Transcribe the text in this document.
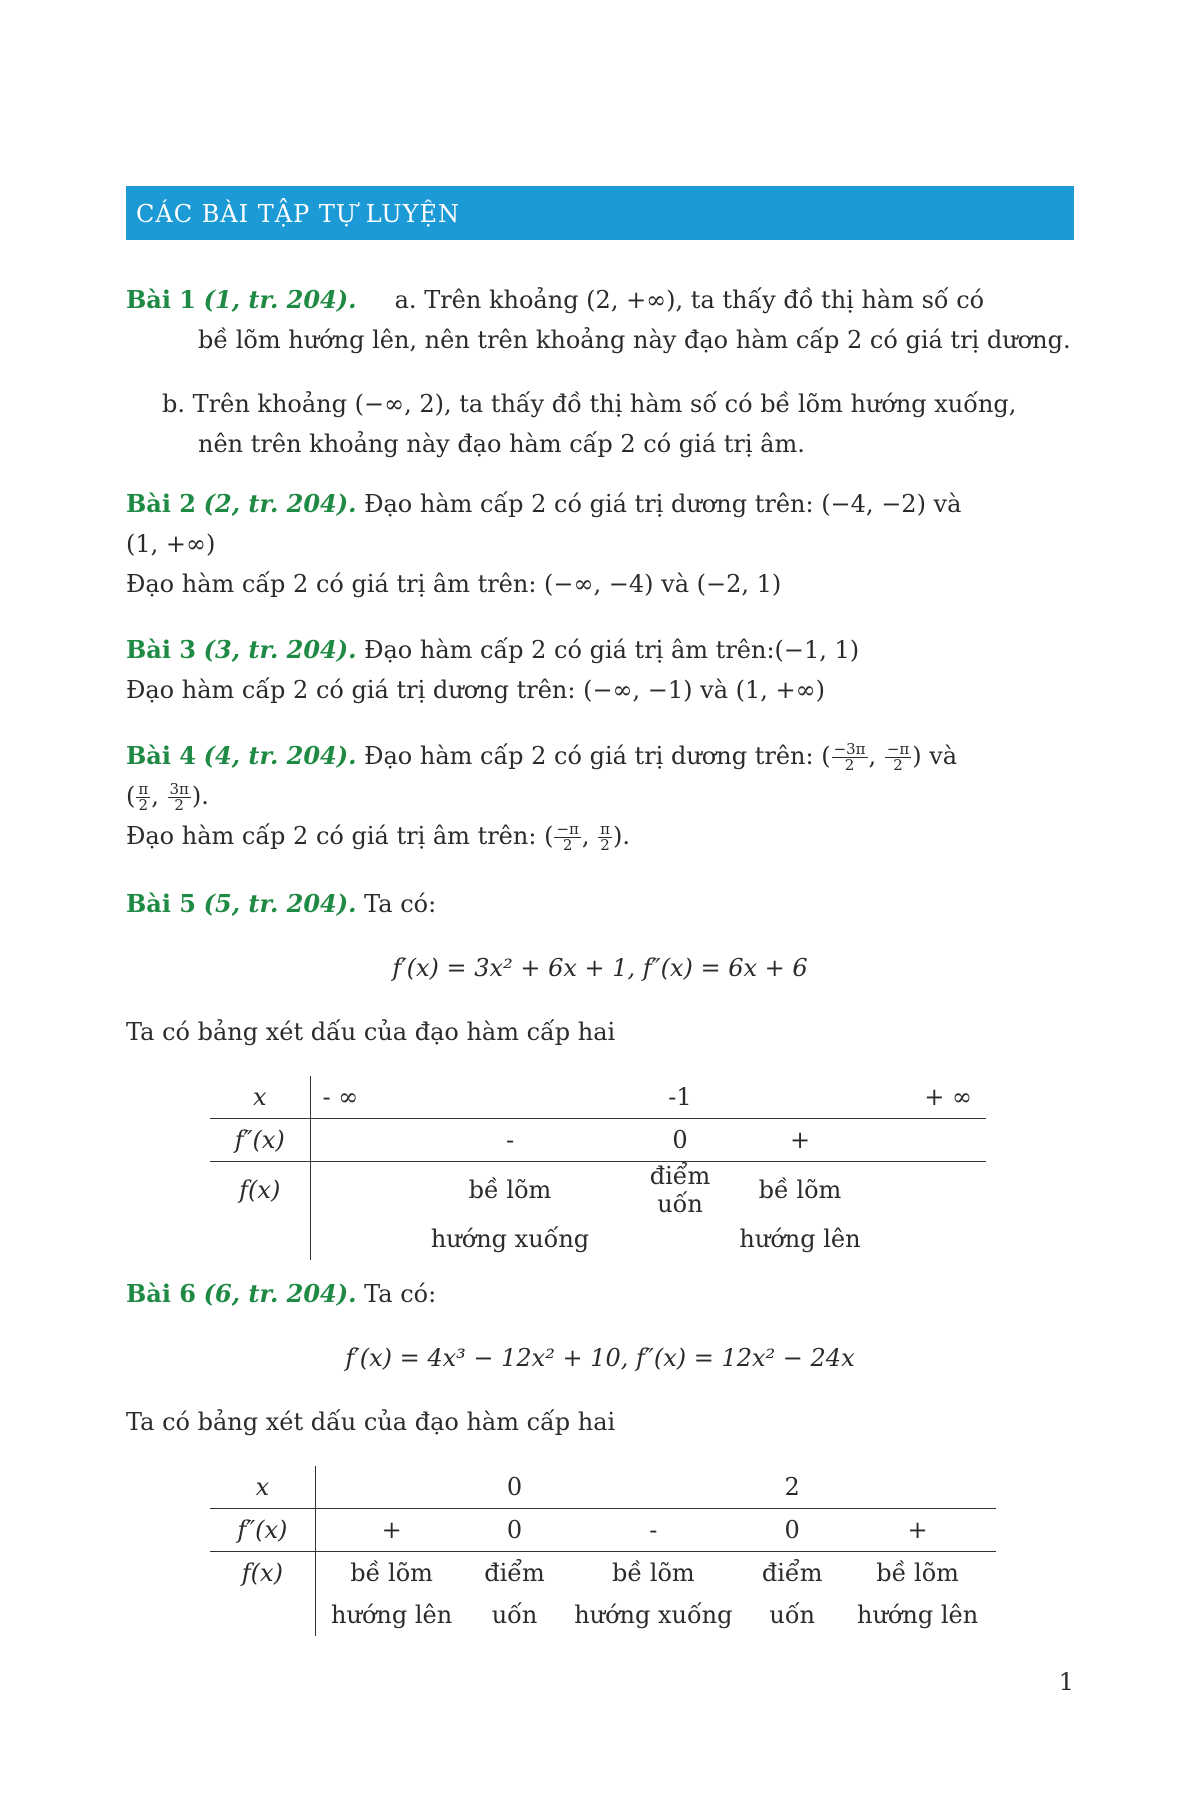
CÁC BÀI TẬP TỰ LUYỆN
Bài 1 (1, tr. 204). a. Trên khoảng (2, +∞), ta thấy đồ thị hàm số có
bề lõm hướng lên, nên trên khoảng này đạo hàm cấp 2 có giá trị dương.
b. Trên khoảng (−∞, 2), ta thấy đồ thị hàm số có bề lõm hướng xuống,
nên trên khoảng này đạo hàm cấp 2 có giá trị âm.
Bài 2 (2, tr. 204). Đạo hàm cấp 2 có giá trị dương trên: (−4, −2) và
(1, +∞)
Đạo hàm cấp 2 có giá trị âm trên: (−∞, −4) và (−2, 1)
Bài 3 (3, tr. 204). Đạo hàm cấp 2 có giá trị âm trên:(−1, 1)
Đạo hàm cấp 2 có giá trị dương trên: (−∞, −1) và (1, +∞)
Bài 4 (4, tr. 204). Đạo hàm cấp 2 có giá trị dương trên: ( $\frac{-3\pi}{2}$ , $\frac{-\pi}{2}$ ) và
( $\frac{\pi}{2}$ , $\frac{3\pi}{2}$ ).
Đạo hàm cấp 2 có giá trị âm trên: ( $\frac{-\pi}{2}$ , $\frac{\pi}{2}$ ).
Bài 5 (5, tr. 204). Ta có:
f′(x) = 3x² + 6x + 1, f″(x) = 6x + 6
Ta có bảng xét dấu của đạo hàm cấp hai
x	- ∞		-1		+ ∞
f″(x)		-	0	+	
f(x)		bề lõm	điểm uốn	bề lõm	
		hướng xuống		hướng lên	
Bài 6 (6, tr. 204). Ta có:
f′(x) = 4x³ − 12x² + 10, f″(x) = 12x² − 24x
Ta có bảng xét dấu của đạo hàm cấp hai
x		0		2	
f″(x)	+	0	-	0	+
f(x)	bề lõm	điểm	bề lõm	điểm	bề lõm
	hướng lên	uốn	hướng xuống	uốn	hướng lên
1
